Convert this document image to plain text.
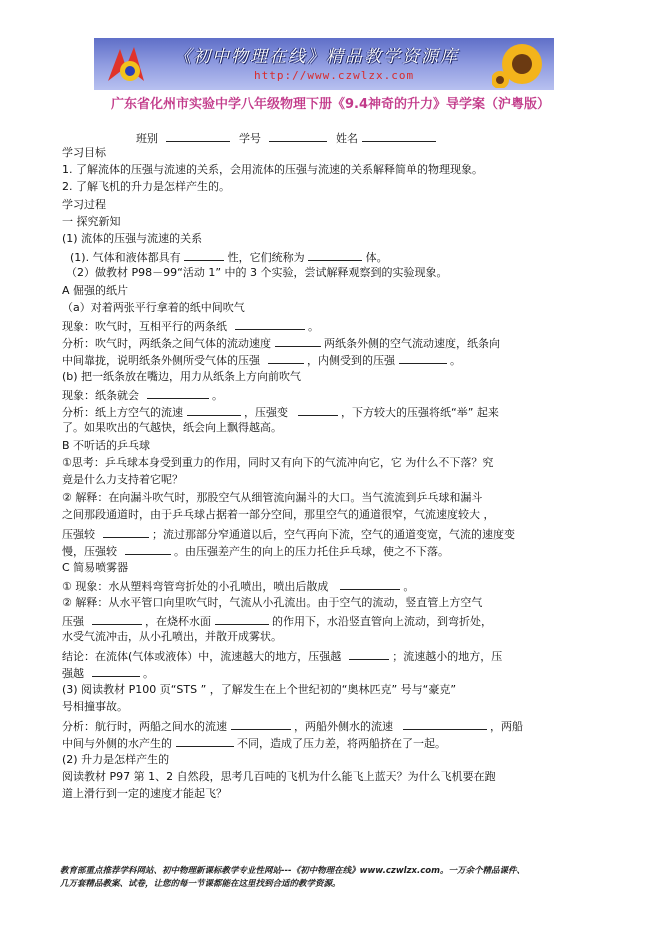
《初中物理在线》精品教学资源库
http://www.czwlzx.com
广东省化州市实验中学八年级物理下册《9.4神奇的升力》导学案（沪粤版）
班别	学号	姓名
学习目标
1. 了解流体的压强与流速的关系，会用流体的压强与流速的关系解释简单的物理现象。
2. 了解飞机的升力是怎样产生的。
学习过程
一 探究新知
(1) 流体的压强与流速的关系
(1). 气体和液体都具有	性，它们统称为	体。
（2）做教材 P98－99“活动 1” 中的 3 个实验，尝试解释观察到的实验现象。
A 倔强的纸片
（a）对着两张平行拿着的纸中间吹气
现象：吹气时，互相平行的两条纸	。
分析：吹气时，两纸条之间气体的流动速度	两纸条外侧的空气流动速度，纸条向
中间靠拢，说明纸条外侧所受气体的压强	，内侧受到的压强	。
(b) 把一纸条放在嘴边，用力从纸条上方向前吹气
现象：纸条就会	。
分析：纸上方空气的流速	，压强变	，下方较大的压强将纸“举” 起来
了。如果吹出的气越快，纸会向上飘得越高。
B 不听话的乒乓球
①思考：乒乓球本身受到重力的作用，同时又有向下的气流冲向它，它 为什么不下落？究
竟是什么力支持着它呢？
② 解释：在向漏斗吹气时，那股空气从细管流向漏斗的大口。当气流流到乒乓球和漏斗
之间那段通道时，由于乒乓球占据着一部分空间，那里空气的通道很窄，气流速度较大 ，
压强较	；流过那部分窄通道以后，空气再向下流，空气的通道变宽，气流的速度变
慢，压强较	。由压强差产生的向上的压力托住乒乓球，使之不下落。
C 简易喷雾器
① 现象：水从塑料弯管弯折处的小孔喷出，喷出后散成	。
② 解释：从水平管口向里吹气时，气流从小孔流出。由于空气的流动，竖直管上方空气
压强	，在烧杯水面	的作用下，水沿竖直管向上流动，到弯折处，
水受气流冲击，从小孔喷出，并散开成雾状。
结论：在流体(气体或液体）中，流速越大的地方，压强越	；流速越小的地方，压
强越	。
(3) 阅读教材 P100 页“STS ” ，了解发生在上个世纪初的“奥林匹克” 号与“豪克”
号相撞事故。
分析：航行时，两船之间水的流速	，两船外侧水的流速	，两船
中间与外侧的水产生的	不同，造成了压力差，将两船挤在了一起。
(2) 升力是怎样产生的
阅读教材 P97 第 1、2 自然段，思考几百吨的飞机为什么能飞上蓝天？为什么飞机要在跑
道上滑行到一定的速度才能起飞？
教育部重点推荐学科网站、初中物理新课标教学专业性网站---《初中物理在线》www.czwlzx.com。一万余个精品课件、
几万套精品教案、试卷，让您的每一节课都能在这里找到合适的教学资源。
